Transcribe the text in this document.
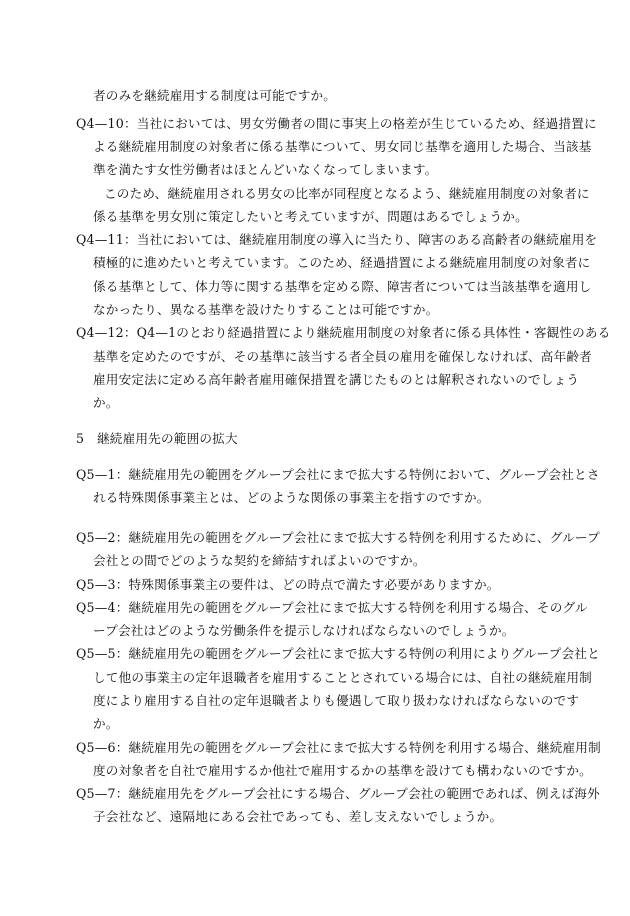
者のみを継続雇用する制度は可能ですか。
Q4—10：当社においては、男女労働者の間に事実上の格差が生じているため、経過措置に
よる継続雇用制度の対象者に係る基準について、男女同じ基準を適用した場合、当該基
準を満たす女性労働者はほとんどいなくなってしまいます。
このため、継続雇用される男女の比率が同程度となるよう、継続雇用制度の対象者に
係る基準を男女別に策定したいと考えていますが、問題はあるでしょうか。
Q4—11：当社においては、継続雇用制度の導入に当たり、障害のある高齢者の継続雇用を
積極的に進めたいと考えています。このため、経過措置による継続雇用制度の対象者に
係る基準として、体力等に関する基準を定める際、障害者については当該基準を適用し
なかったり、異なる基準を設けたりすることは可能ですか。
Q4—12：Q4—1のとおり経過措置により継続雇用制度の対象者に係る具体性・客観性のある
基準を定めたのですが、その基準に該当する者全員の雇用を確保しなければ、高年齢者
雇用安定法に定める高年齢者雇用確保措置を講じたものとは解釈されないのでしょう
か。
5　継続雇用先の範囲の拡大
Q5—1：継続雇用先の範囲をグループ会社にまで拡大する特例において、グループ会社とさ
れる特殊関係事業主とは、どのような関係の事業主を指すのですか。
Q5—2：継続雇用先の範囲をグループ会社にまで拡大する特例を利用するために、グループ
会社との間でどのような契約を締結すればよいのですか。
Q5—3：特殊関係事業主の要件は、どの時点で満たす必要がありますか。
Q5—4：継続雇用先の範囲をグループ会社にまで拡大する特例を利用する場合、そのグル
ープ会社はどのような労働条件を提示しなければならないのでしょうか。
Q5—5：継続雇用先の範囲をグループ会社にまで拡大する特例の利用によりグループ会社と
して他の事業主の定年退職者を雇用することとされている場合には、自社の継続雇用制
度により雇用する自社の定年退職者よりも優遇して取り扱わなければならないのです
か。
Q5—6：継続雇用先の範囲をグループ会社にまで拡大する特例を利用する場合、継続雇用制
度の対象者を自社で雇用するか他社で雇用するかの基準を設けても構わないのですか。
Q5—7：継続雇用先をグループ会社にする場合、グループ会社の範囲であれば、例えば海外
子会社など、遠隔地にある会社であっても、差し支えないでしょうか。
